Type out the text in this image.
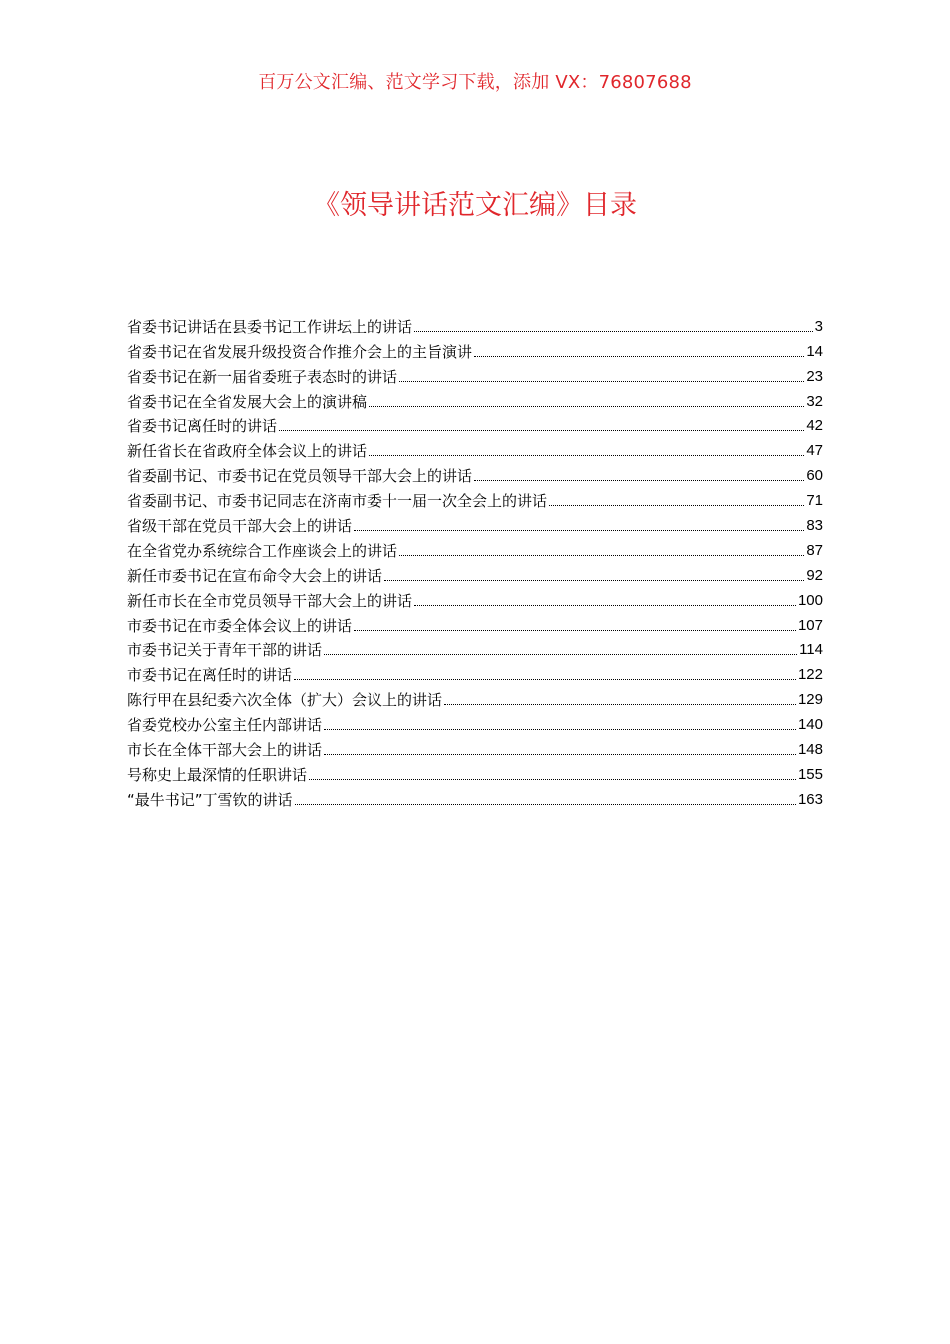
百万公文汇编、范文学习下载，添加 VX：76807688
《领导讲话范文汇编》目录
省委书记讲话在县委书记工作讲坛上的讲话	3
省委书记在省发展升级投资合作推介会上的主旨演讲	14
省委书记在新一届省委班子表态时的讲话	23
省委书记在全省发展大会上的演讲稿	32
省委书记离任时的讲话	42
新任省长在省政府全体会议上的讲话	47
省委副书记、市委书记在党员领导干部大会上的讲话	60
省委副书记、市委书记同志在济南市委十一届一次全会上的讲话	71
省级干部在党员干部大会上的讲话	83
在全省党办系统综合工作座谈会上的讲话	87
新任市委书记在宣布命令大会上的讲话	92
新任市长在全市党员领导干部大会上的讲话	100
市委书记在市委全体会议上的讲话	107
市委书记关于青年干部的讲话	114
市委书记在离任时的讲话	122
陈行甲在县纪委六次全体（扩大）会议上的讲话	129
省委党校办公室主任内部讲话	140
市长在全体干部大会上的讲话	148
号称史上最深情的任职讲话	155
“最牛书记”丁雪钦的讲话	163
